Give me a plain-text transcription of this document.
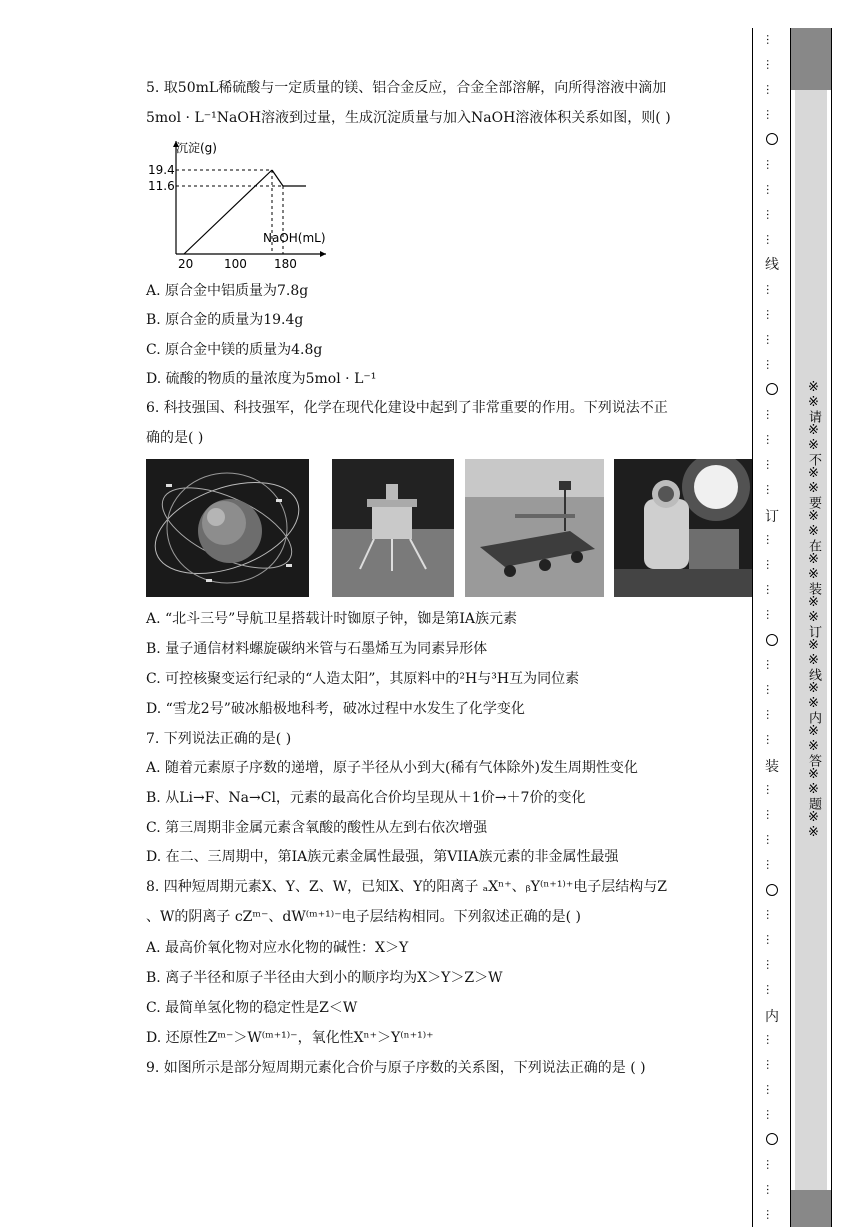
5. 取50mL稀硫酸与一定质量的镁、铝合金反应，合金全部溶解，向所得溶液中滴加
5mol · L⁻¹NaOH溶液到过量，生成沉淀质量与加入NaOH溶液体积关系如图，则( )
沉淀(g)
19.4
11.6
NaOH(mL)
20	100 180
A. 原合金中铝质量为7.8g
B. 原合金的质量为19.4g
C. 原合金中镁的质量为4.8g
D. 硫酸的物质的量浓度为5mol · L⁻¹
6. 科技强国、科技强军，化学在现代化建设中起到了非常重要的作用。下列说法不正
确的是( )
A. “北斗三号”导航卫星搭载计时铷原子钟，铷是第IA族元素
B. 量子通信材料螺旋碳纳米管与石墨烯互为同素异形体
C. 可控核聚变运行纪录的“人造太阳”，其原料中的²H与³H互为同位素
D. “雪龙2号”破冰船极地科考，破冰过程中水发生了化学变化
7. 下列说法正确的是( )
A. 随着元素原子序数的递增，原子半径从小到大(稀有气体除外)发生周期性变化
B. 从Li→F、Na→Cl，元素的最高化合价均呈现从＋1价→＋7价的变化
C. 第三周期非金属元素含氧酸的酸性从左到右依次增强
D. 在二、三周期中，第IA族元素金属性最强，第VIIA族元素的非金属性最强
8. 四种短周期元素X、Y、Z、W，已知X、Y的阳离子 ₐXⁿ⁺、ᵦY⁽ⁿ⁺¹⁾⁺电子层结构与Z
、W的阴离子 cZᵐ⁻、dW⁽ᵐ⁺¹⁾⁻电子层结构相同。下列叙述正确的是( )
A. 最高价氧化物对应水化物的碱性：X＞Y
B. 离子半径和原子半径由大到小的顺序均为X＞Y＞Z＞W
C. 最简单氢化物的稳定性是Z＜W
D. 还原性Zᵐ⁻＞W⁽ᵐ⁺¹⁾⁻，氧化性Xⁿ⁺＞Y⁽ⁿ⁺¹⁾⁺
9. 如图所示是部分短周期元素化合价与原子序数的关系图，下列说法正确的是 ( )
线
订
装
内
…
…
…
…
…
…
…
…
…
…
…
…
…
…
…
…
…
…
…
…
…
…
…
…
…
…
…
…
…
…
…
…
…
…
…
…
…
…
…
※※请※※不※※要※※在※※装※※订※※线※※内※※答※※题※※
